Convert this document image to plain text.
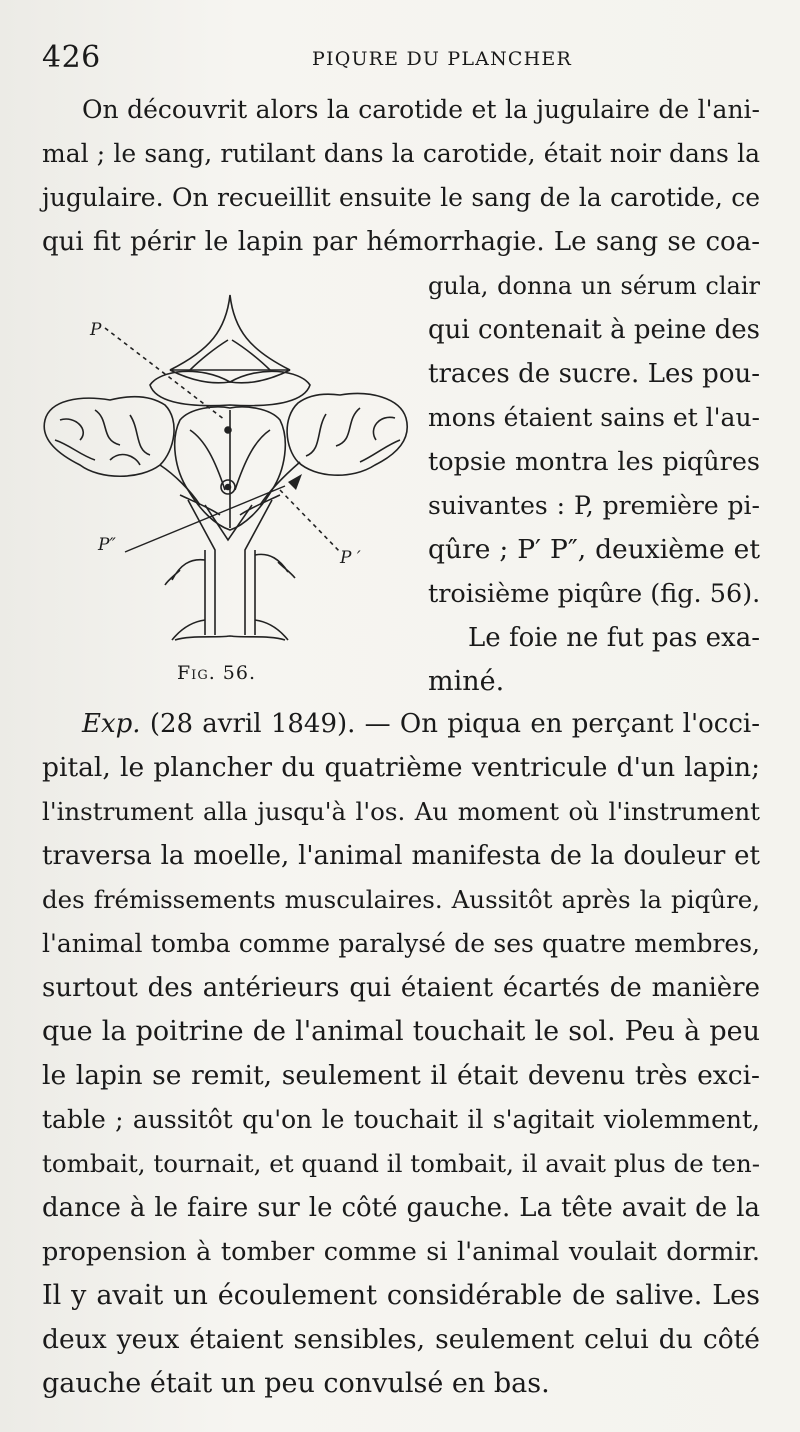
426	PIQURE DU PLANCHER
On découvrit alors la carotide et la jugulaire de l'ani-
mal ; le sang, rutilant dans la carotide, était noir dans la
jugulaire. On recueillit ensuite le sang de la carotide, ce
qui fit périr le lapin par hémorrhagie. Le sang se coa-
P
P″
P ′
gula, donna un sérum clair
qui contenait à peine des
traces de sucre. Les pou-
mons étaient sains et l'au-
topsie montra les piqûres
suivantes : P, première pi-
qûre ; P′ P″, deuxième et
troisième piqûre (fig. 56).
Le foie ne fut pas exa-
miné.
Fig. 56.
Exp. (28 avril 1849). — On piqua en perçant l'occi-
pital, le plancher du quatrième ventricule d'un lapin;
l'instrument alla jusqu'à l'os. Au moment où l'instrument
traversa la moelle, l'animal manifesta de la douleur et
des frémissements musculaires. Aussitôt après la piqûre,
l'animal tomba comme paralysé de ses quatre membres,
surtout des antérieurs qui étaient écartés de manière
que la poitrine de l'animal touchait le sol. Peu à peu
le lapin se remit, seulement il était devenu très exci-
table ; aussitôt qu'on le touchait il s'agitait violemment,
tombait, tournait, et quand il tombait, il avait plus de ten-
dance à le faire sur le côté gauche. La tête avait de la
propension à tomber comme si l'animal voulait dormir.
Il y avait un écoulement considérable de salive. Les
deux yeux étaient sensibles, seulement celui du côté
gauche était un peu convulsé en bas.
